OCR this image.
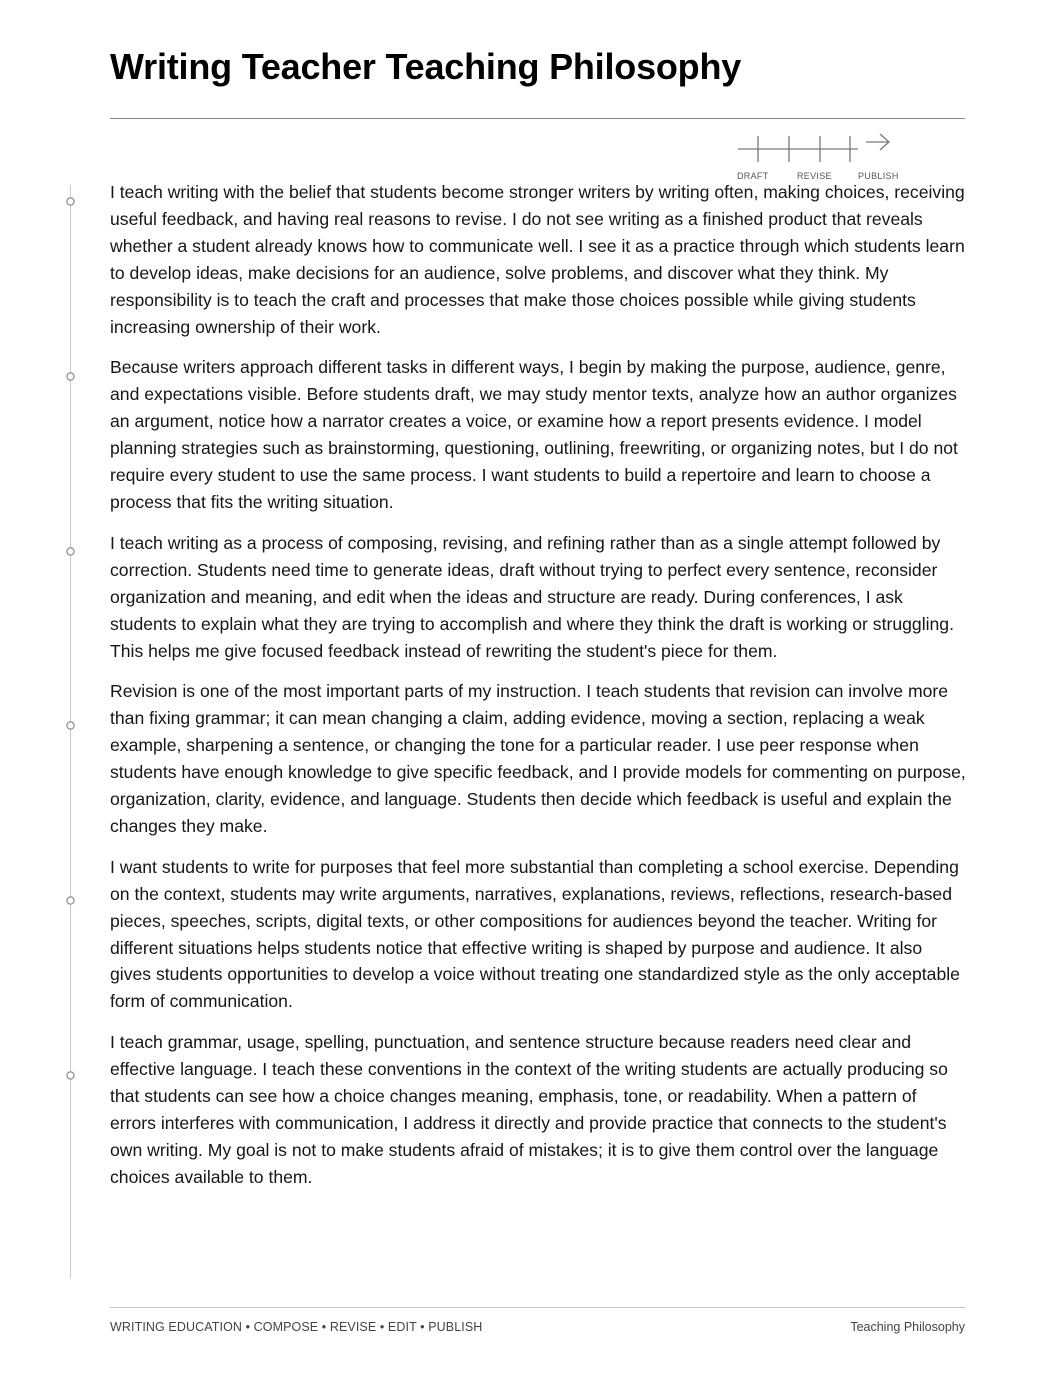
Writing Teacher Teaching Philosophy
DRAFT	REVISE	PUBLISH

I teach writing with the belief that students become stronger writers by writing often, making choices, receiving useful feedback, and having real reasons to revise. I do not see writing as a finished product that reveals whether a student already knows how to communicate well. I see it as a practice through which students learn to develop ideas, make decisions for an audience, solve problems, and discover what they think. My responsibility is to teach the craft and processes that make those choices possible while giving students increasing ownership of their work.

Because writers approach different tasks in different ways, I begin by making the purpose, audience, genre, and expectations visible. Before students draft, we may study mentor texts, analyze how an author organizes an argument, notice how a narrator creates a voice, or examine how a report presents evidence. I model planning strategies such as brainstorming, questioning, outlining, freewriting, or organizing notes, but I do not require every student to use the same process. I want students to build a repertoire and learn to choose a process that fits the writing situation.

I teach writing as a process of composing, revising, and refining rather than as a single attempt followed by correction. Students need time to generate ideas, draft without trying to perfect every sentence, reconsider organization and meaning, and edit when the ideas and structure are ready. During conferences, I ask students to explain what they are trying to accomplish and where they think the draft is working or struggling. This helps me give focused feedback instead of rewriting the student's piece for them.

Revision is one of the most important parts of my instruction. I teach students that revision can involve more than fixing grammar; it can mean changing a claim, adding evidence, moving a section, replacing a weak example, sharpening a sentence, or changing the tone for a particular reader. I use peer response when students have enough knowledge to give specific feedback, and I provide models for commenting on purpose, organization, clarity, evidence, and language. Students then decide which feedback is useful and explain the changes they make.

I want students to write for purposes that feel more substantial than completing a school exercise. Depending on the context, students may write arguments, narratives, explanations, reviews, reflections, research-based pieces, speeches, scripts, digital texts, or other compositions for audiences beyond the teacher. Writing for different situations helps students notice that effective writing is shaped by purpose and audience. It also gives students opportunities to develop a voice without treating one standardized style as the only acceptable form of communication.

I teach grammar, usage, spelling, punctuation, and sentence structure because readers need clear and effective language. I teach these conventions in the context of the writing students are actually producing so that students can see how a choice changes meaning, emphasis, tone, or readability. When a pattern of errors interferes with communication, I address it directly and provide practice that connects to the student's own writing. My goal is not to make students afraid of mistakes; it is to give them control over the language choices available to them.

WRITING EDUCATION • COMPOSE • REVISE • EDIT • PUBLISH	Teaching Philosophy
